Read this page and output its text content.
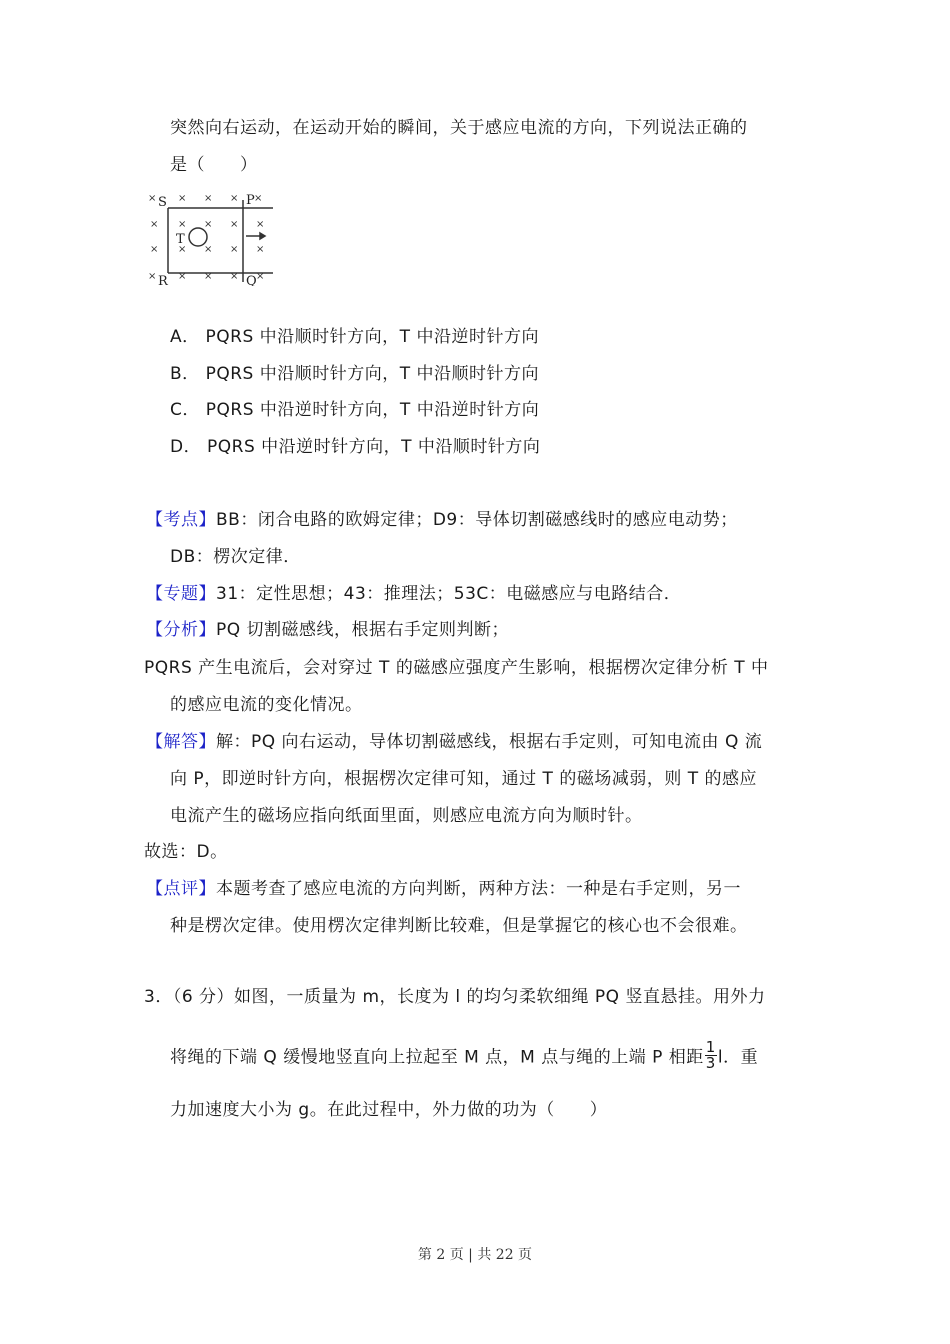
突然向右运动，在运动开始的瞬间，关于感应电流的方向，下列说法正确的
是（　　）
S	P
R	Q
T
× × × × ×
× × × × ×
× × × × ×
× × × × ×
A． PQRS 中沿顺时针方向，T 中沿逆时针方向
B． PQRS 中沿顺时针方向，T 中沿顺时针方向
C． PQRS 中沿逆时针方向，T 中沿逆时针方向
D． PQRS 中沿逆时针方向，T 中沿顺时针方向
【考点】BB：闭合电路的欧姆定律；D9：导体切割磁感线时的感应电动势；
DB：楞次定律．
【专题】31：定性思想；43：推理法；53C：电磁感应与电路结合．
【分析】PQ 切割磁感线，根据右手定则判断；
PQRS 产生电流后，会对穿过 T 的磁感应强度产生影响，根据楞次定律分析 T 中
的感应电流的变化情况。
【解答】解：PQ 向右运动，导体切割磁感线，根据右手定则，可知电流由 Q 流
向 P，即逆时针方向，根据楞次定律可知，通过 T 的磁场减弱，则 T 的感应
电流产生的磁场应指向纸面里面，则感应电流方向为顺时针。
故选：D。
【点评】本题考查了感应电流的方向判断，两种方法：一种是右手定则，另一
种是楞次定律。使用楞次定律判断比较难，但是掌握它的核心也不会很难。
3．（6 分）如图，一质量为 m，长度为 l 的均匀柔软细绳 PQ 竖直悬挂。用外力
将绳的下端 Q 缓慢地竖直向上拉起至 M 点，M 点与绳的上端 P 相距 $\frac{1}{3}$ l．重
力加速度大小为 g。在此过程中，外力做的功为（　　）
第 2 页 | 共 22 页
